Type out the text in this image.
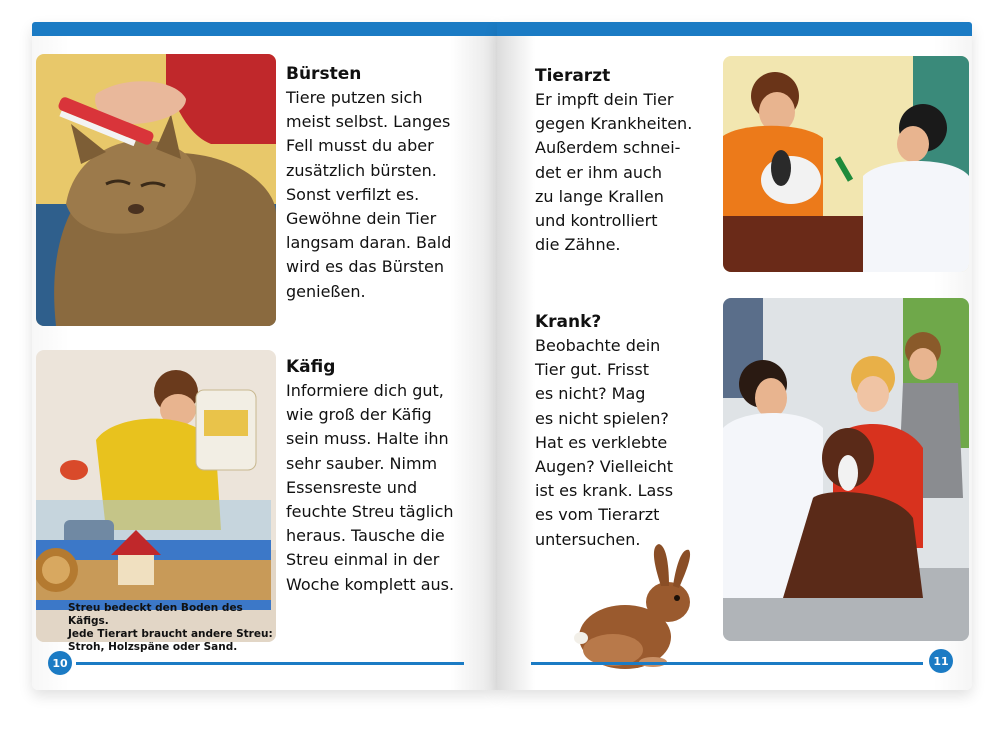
Bürsten

Tiere putzen sich
meist selbst. Langes
Fell musst du aber
zusätzlich bürsten.
Sonst verfilzt es.
Gewöhne dein Tier
langsam daran. Bald
wird es das Bürsten
genießen.

Streu bedeckt den Boden des Käfigs.
Jede Tierart braucht andere Streu:
Stroh, Holzspäne oder Sand.

Käfig

Informiere dich gut,
wie groß der Käfig
sein muss. Halte ihn
sehr sauber. Nimm
Essensreste und
feuchte Streu täglich
heraus. Tausche die
Streu einmal in der
Woche komplett aus.

10

Tierarzt

Er impft dein Tier
gegen Krankheiten.
Außerdem schnei-
det er ihm auch
zu lange Krallen
und kontrolliert
die Zähne.

Krank?

Beobachte dein
Tier gut. Frisst
es nicht? Mag
es nicht spielen?
Hat es verklebte
Augen? Vielleicht
ist es krank. Lass
es vom Tierarzt
untersuchen.

11
